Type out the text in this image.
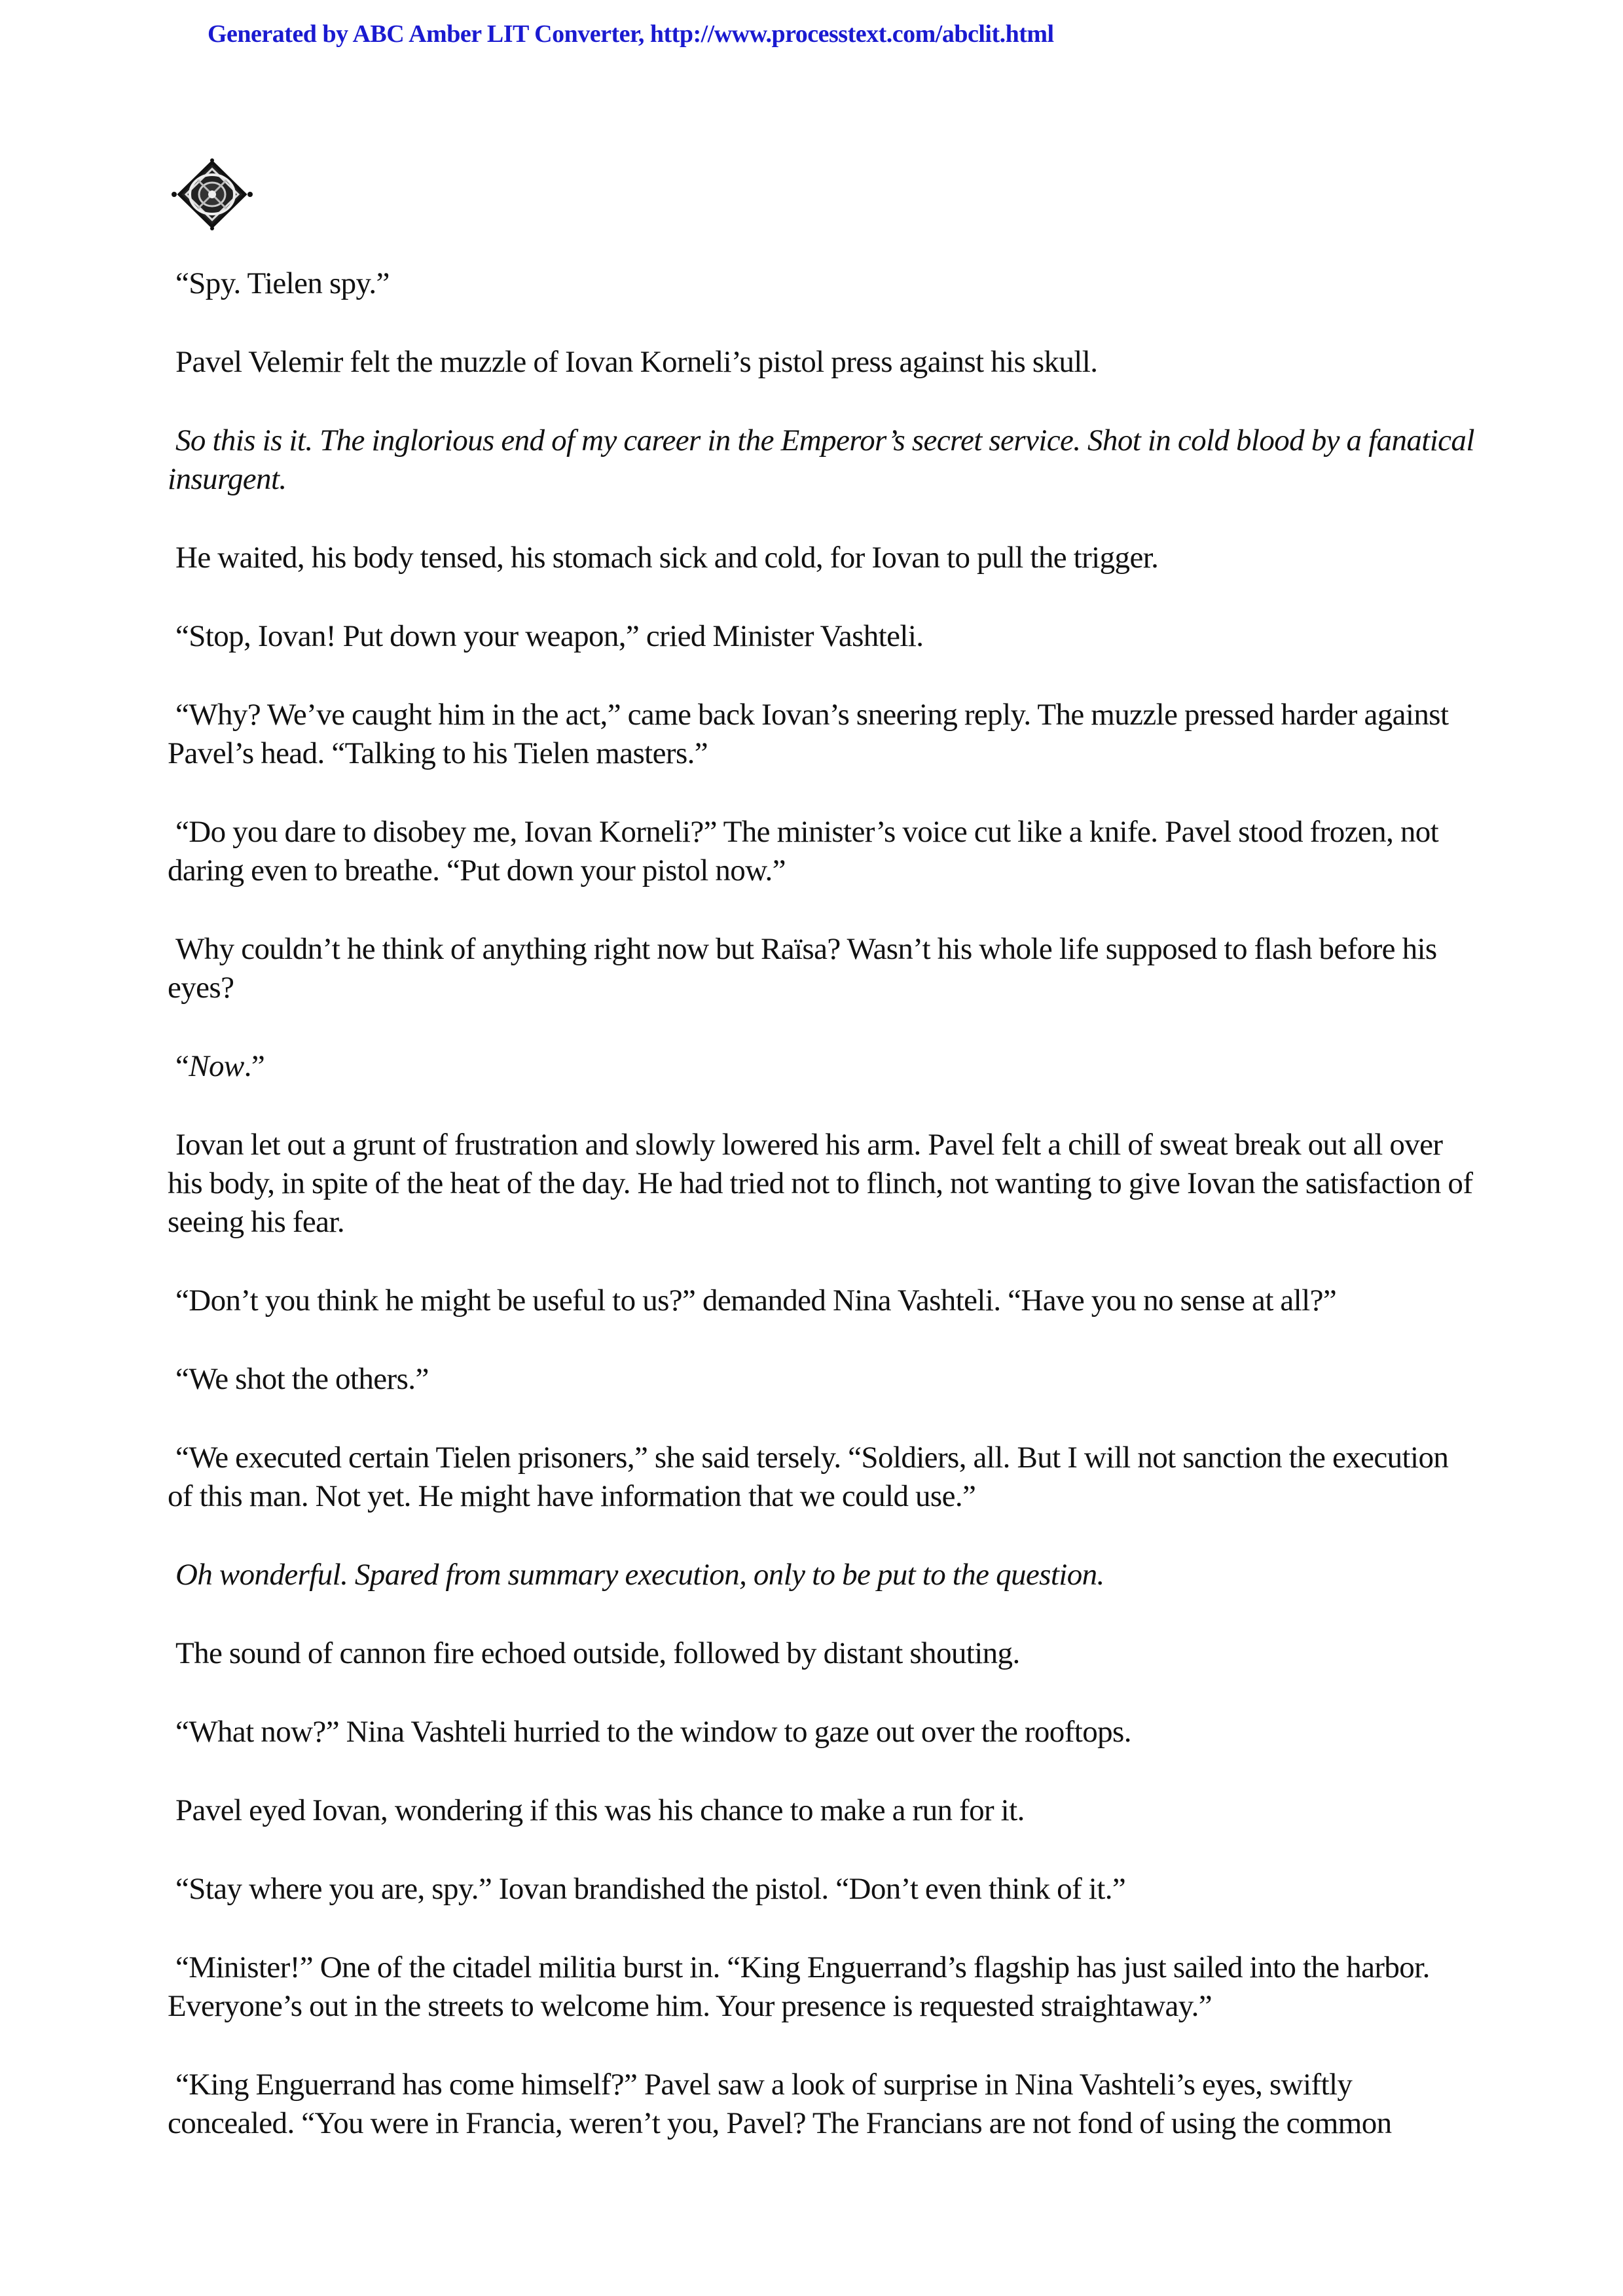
Generated by ABC Amber LIT Converter, http://www.processtext.com/abclit.html

“Spy. Tielen spy.”

Pavel Velemir felt the muzzle of Iovan Korneli’s pistol press against his skull.

So this is it. The inglorious end of my career in the Emperor’s secret service. Shot in cold blood by a fanatical insurgent.

He waited, his body tensed, his stomach sick and cold, for Iovan to pull the trigger.

“Stop, Iovan! Put down your weapon,” cried Minister Vashteli.

“Why? We’ve caught him in the act,” came back Iovan’s sneering reply. The muzzle pressed harder against Pavel’s head. “Talking to his Tielen masters.”

“Do you dare to disobey me, Iovan Korneli?” The minister’s voice cut like a knife. Pavel stood frozen, not daring even to breathe. “Put down your pistol now.”

Why couldn’t he think of anything right now but Raïsa? Wasn’t his whole life supposed to flash before his eyes?

“Now.”

Iovan let out a grunt of frustration and slowly lowered his arm. Pavel felt a chill of sweat break out all over his body, in spite of the heat of the day. He had tried not to flinch, not wanting to give Iovan the satisfaction of seeing his fear.

“Don’t you think he might be useful to us?” demanded Nina Vashteli. “Have you no sense at all?”

“We shot the others.”

“We executed certain Tielen prisoners,” she said tersely. “Soldiers, all. But I will not sanction the execution of this man. Not yet. He might have information that we could use.”

Oh wonderful. Spared from summary execution, only to be put to the question.

The sound of cannon fire echoed outside, followed by distant shouting.

“What now?” Nina Vashteli hurried to the window to gaze out over the rooftops.

Pavel eyed Iovan, wondering if this was his chance to make a run for it.

“Stay where you are, spy.” Iovan brandished the pistol. “Don’t even think of it.”

“Minister!” One of the citadel militia burst in. “King Enguerrand’s flagship has just sailed into the harbor. Everyone’s out in the streets to welcome him. Your presence is requested straightaway.”

“King Enguerrand has come himself?” Pavel saw a look of surprise in Nina Vashteli’s eyes, swiftly concealed. “You were in Francia, weren’t you, Pavel? The Francians are not fond of using the common
